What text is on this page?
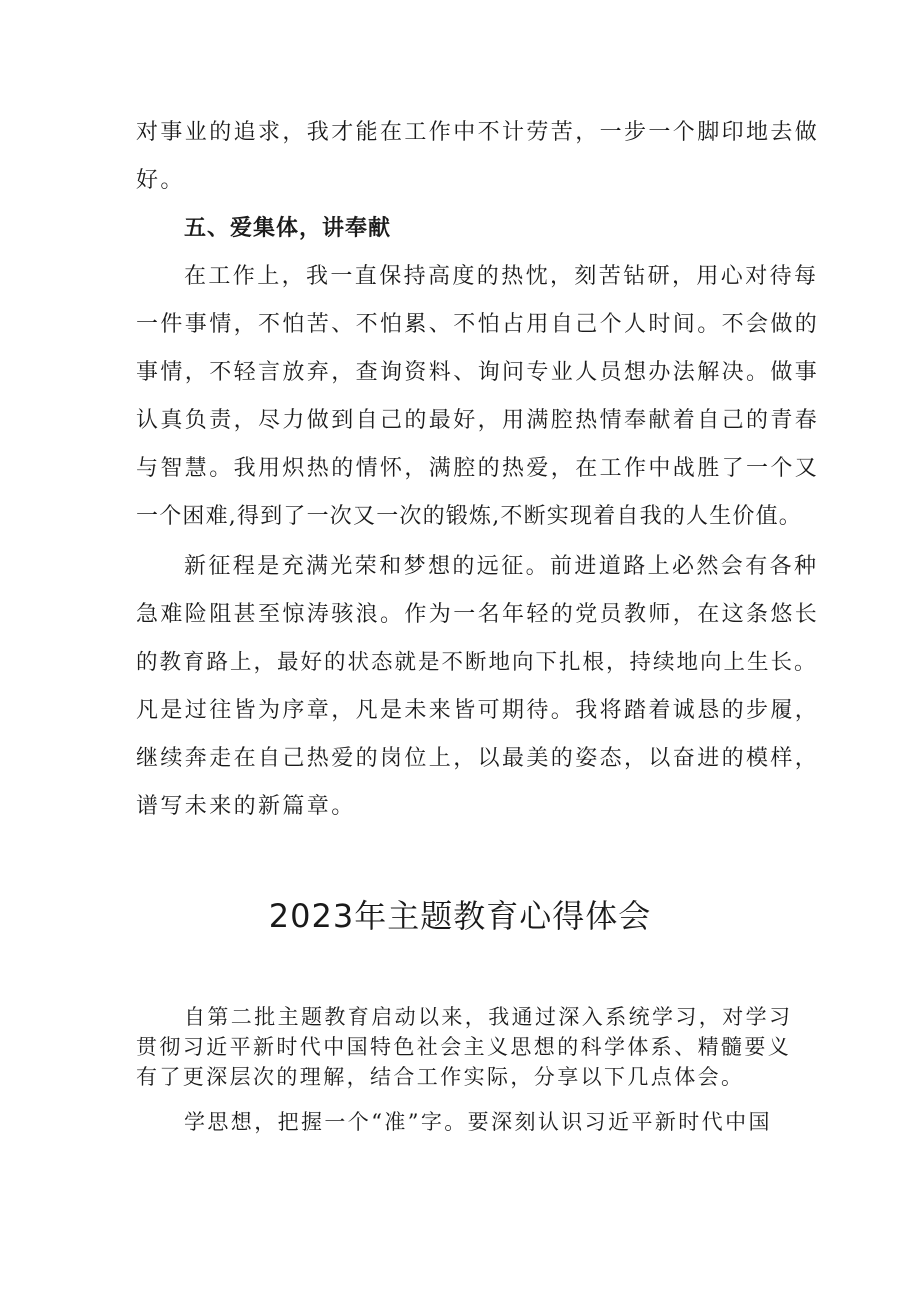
对事业的追求，我才能在工作中不计劳苦，一步一个脚印地去做
好。
五、爱集体，讲奉献
在工作上，我一直保持高度的热忱，刻苦钻研，用心对待每
一件事情，不怕苦、不怕累、不怕占用自己个人时间。不会做的
事情，不轻言放弃，查询资料、询问专业人员想办法解决。做事
认真负责，尽力做到自己的最好，用满腔热情奉献着自己的青春
与智慧。我用炽热的情怀，满腔的热爱，在工作中战胜了一个又
一个困难,得到了一次又一次的锻炼,不断实现着自我的人生价值。
新征程是充满光荣和梦想的远征。前进道路上必然会有各种
急难险阻甚至惊涛骇浪。作为一名年轻的党员教师，在这条悠长
的教育路上，最好的状态就是不断地向下扎根，持续地向上生长。
凡是过往皆为序章，凡是未来皆可期待。我将踏着诚恳的步履，
继续奔走在自己热爱的岗位上，以最美的姿态，以奋进的模样，
谱写未来的新篇章。
2023年主题教育心得体会
自第二批主题教育启动以来，我通过深入系统学习，对学习
贯彻习近平新时代中国特色社会主义思想的科学体系、精髓要义
有了更深层次的理解，结合工作实际，分享以下几点体会。
学思想，把握一个“准”字。要深刻认识习近平新时代中国
